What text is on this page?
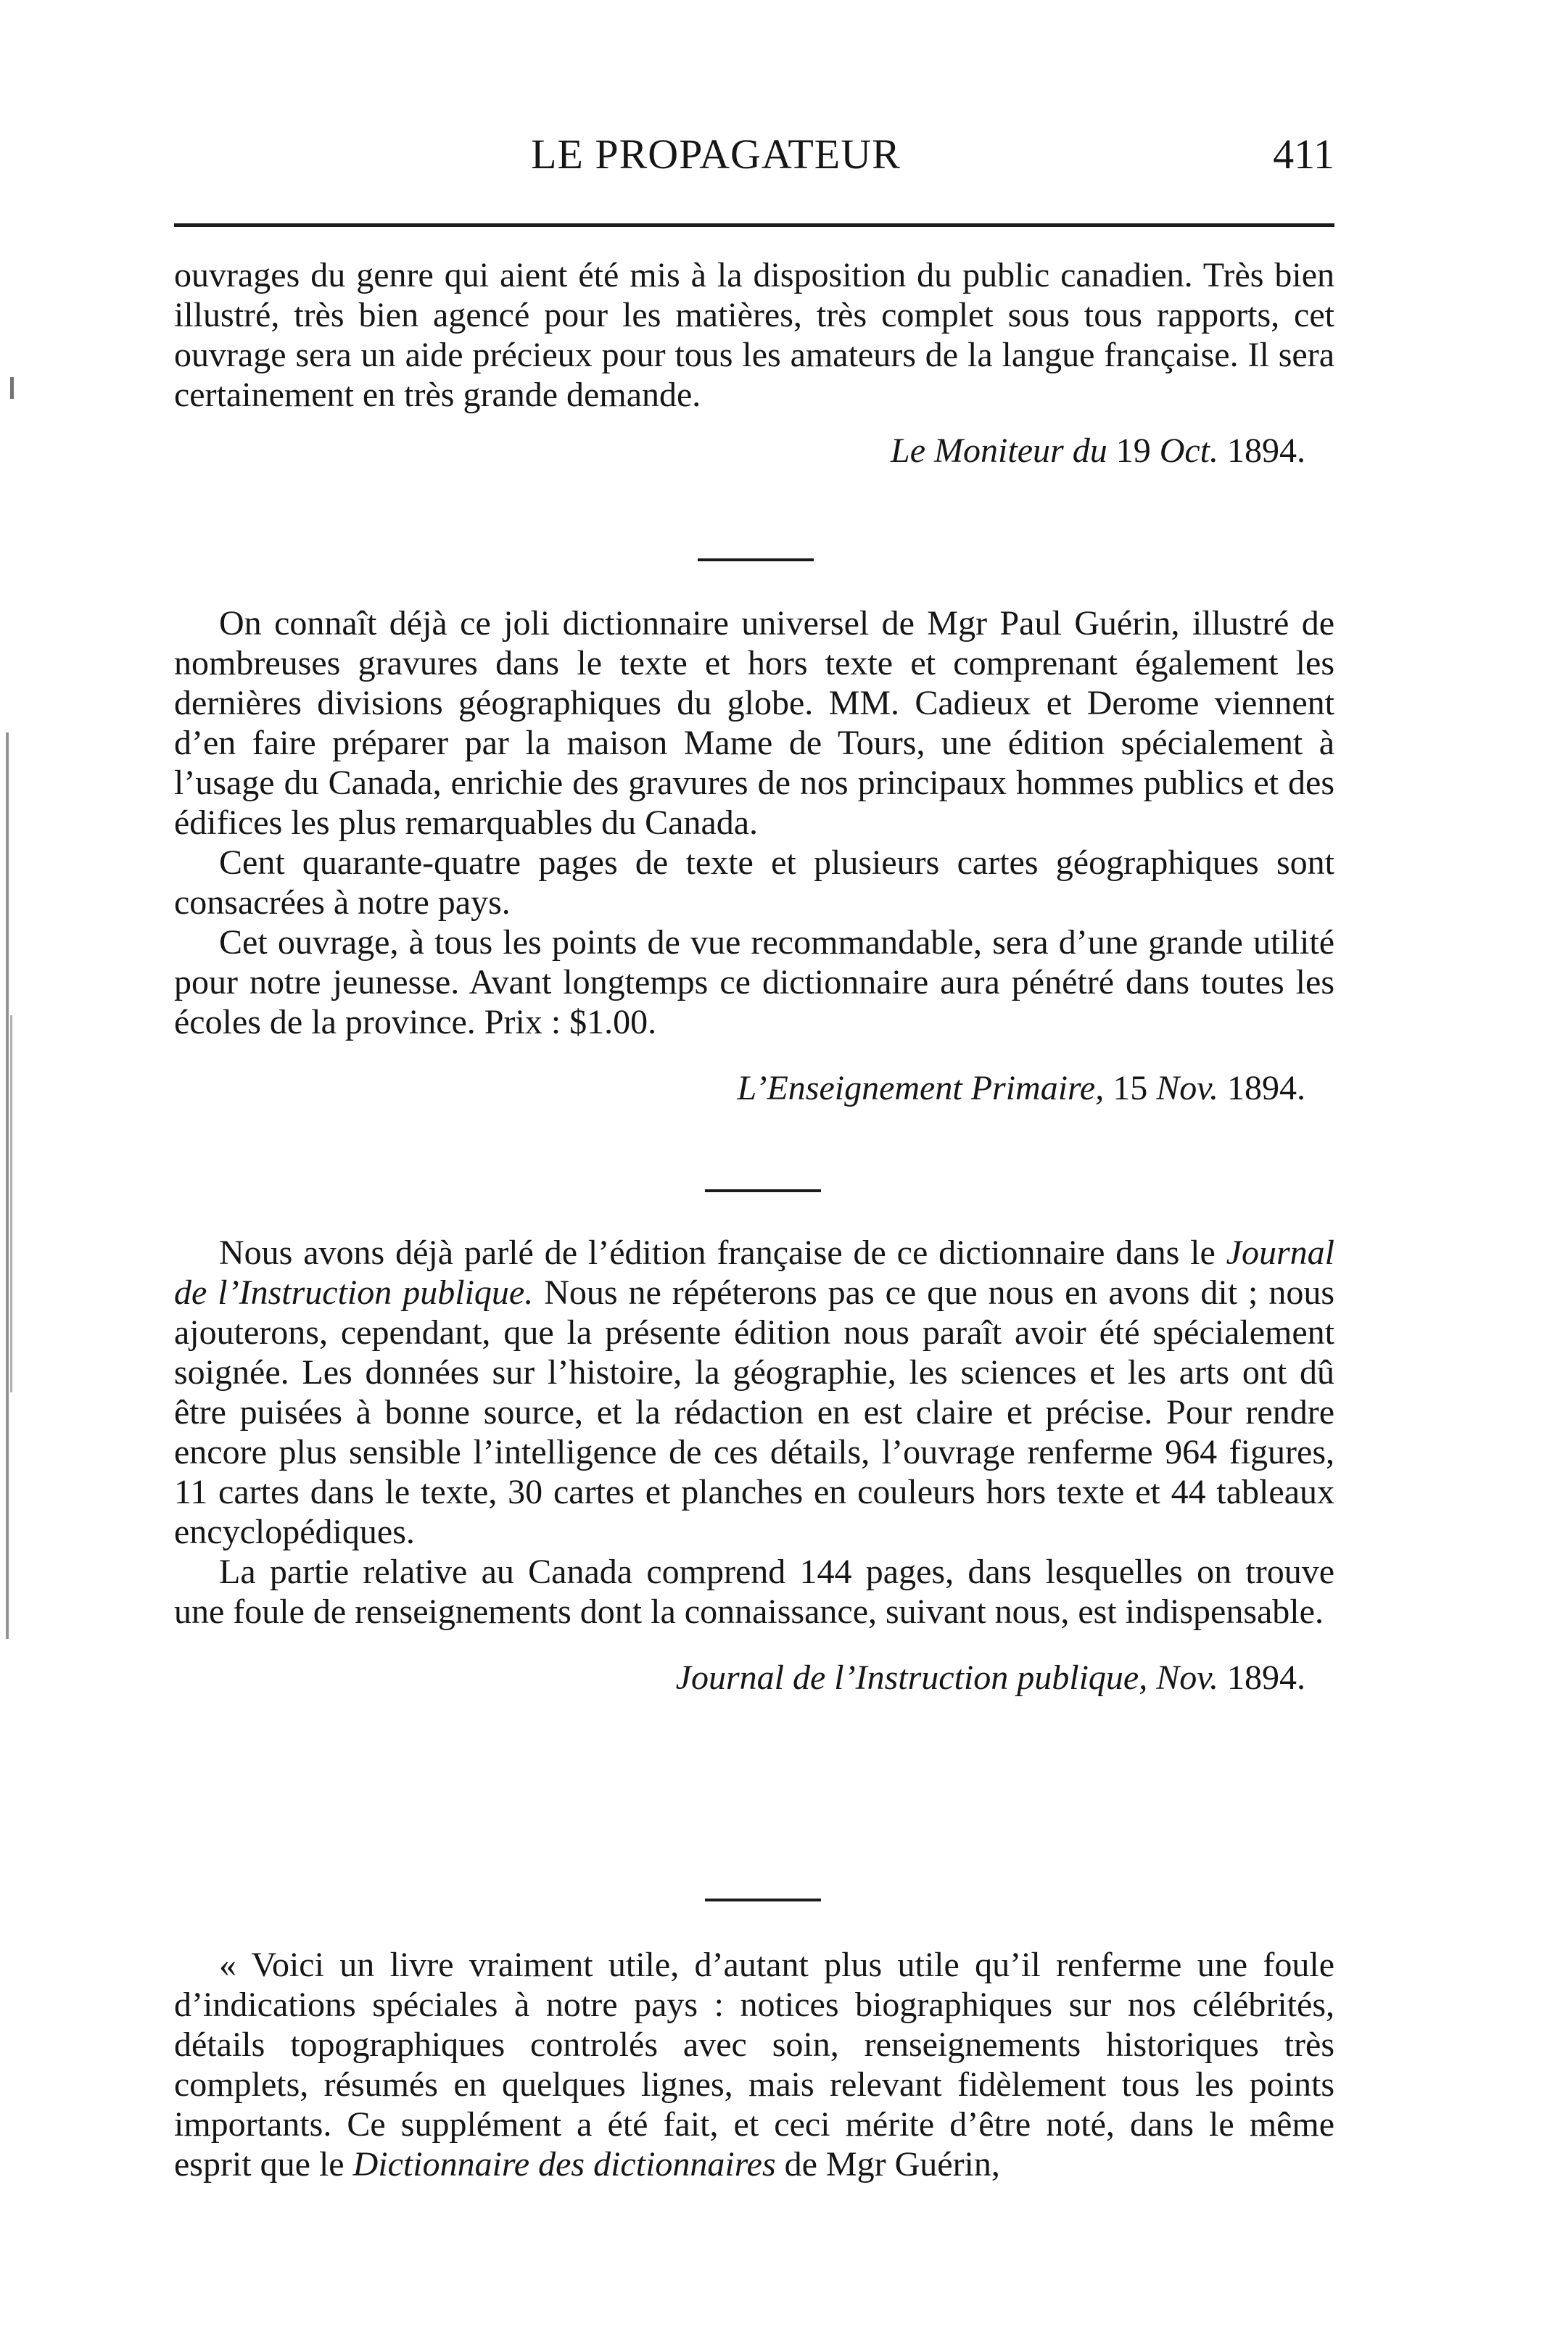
LE PROPAGATEUR	411

ouvrages du genre qui aient été mis à la disposition du public canadien. Très bien illustré, très bien agencé pour les matières, très complet sous tous rapports, cet ouvrage sera un aide précieux pour tous les amateurs de la langue française. Il sera certainement en très grande demande.

Le Moniteur du 19 Oct. 1894.

On connaît déjà ce joli dictionnaire universel de Mgr Paul Guérin, illustré de nombreuses gravures dans le texte et hors texte et comprenant également les dernières divisions géographiques du globe. MM. Cadieux et Derome viennent d’en faire préparer par la maison Mame de Tours, une édition spécialement à l’usage du Canada, enrichie des gravures de nos principaux hommes publics et des édifices les plus remarquables du Canada.

Cent quarante-quatre pages de texte et plusieurs cartes géographiques sont consacrées à notre pays.

Cet ouvrage, à tous les points de vue recommandable, sera d’une grande utilité pour notre jeunesse. Avant longtemps ce dictionnaire aura pénétré dans toutes les écoles de la province. Prix : $1.00.

L’Enseignement Primaire, 15 Nov. 1894.

Nous avons déjà parlé de l’édition française de ce dictionnaire dans le Journal de l’Instruction publique. Nous ne répéterons pas ce que nous en avons dit ; nous ajouterons, cependant, que la présente édition nous paraît avoir été spécialement soignée. Les données sur l’histoire, la géographie, les sciences et les arts ont dû être puisées à bonne source, et la rédaction en est claire et précise. Pour rendre encore plus sensible l’intelligence de ces détails, l’ouvrage renferme 964 figures, 11 cartes dans le texte, 30 cartes et planches en couleurs hors texte et 44 tableaux encyclopédiques.

La partie relative au Canada comprend 144 pages, dans lesquelles on trouve une foule de renseignements dont la connaissance, suivant nous, est indispensable.

Journal de l’Instruction publique, Nov. 1894.

« Voici un livre vraiment utile, d’autant plus utile qu’il renferme une foule d’indications spéciales à notre pays : notices biographiques sur nos célébrités, détails topographiques controlés avec soin, renseignements historiques très complets, résumés en quelques lignes, mais relevant fidèlement tous les points importants. Ce supplément a été fait, et ceci mérite d’être noté, dans le même esprit que le Dictionnaire des dictionnaires de Mgr Guérin,
